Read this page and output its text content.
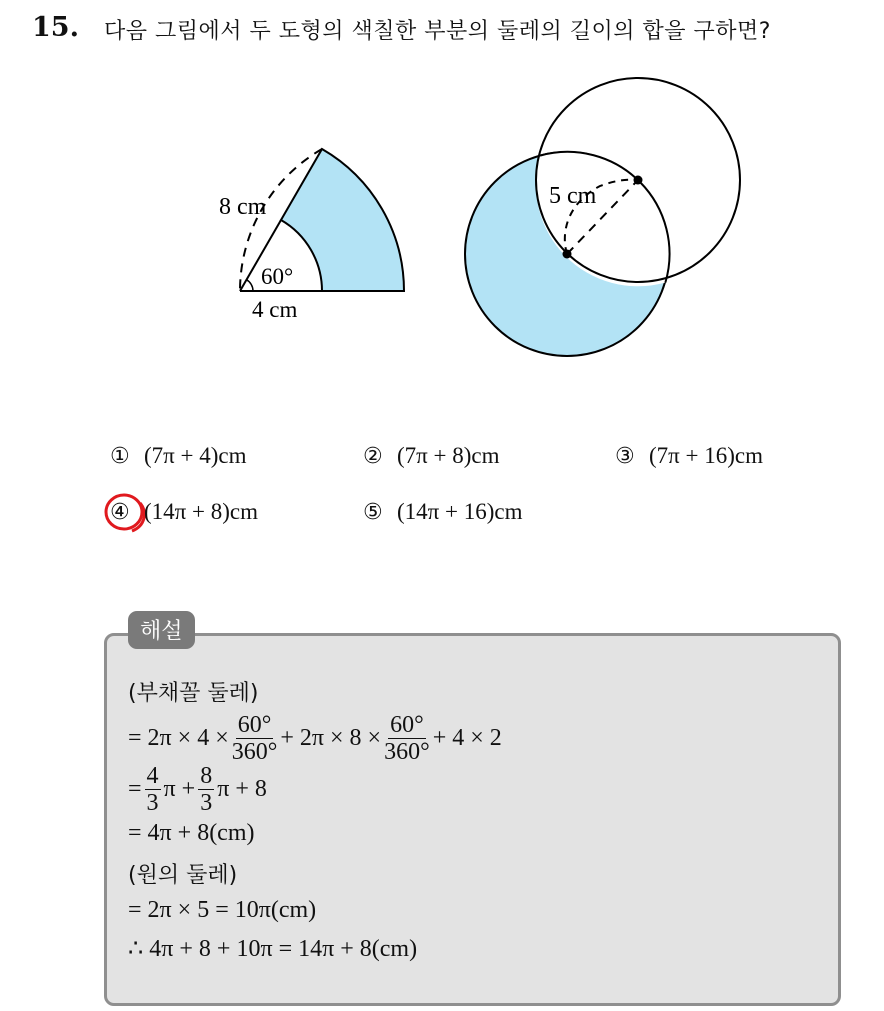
15. 다음 그림에서 두 도형의 색칠한 부분의 둘레의 길이의 합을 구하면?
8 cm
60°
4 cm
5 cm
① (7π + 4)cm	② (7π + 8)cm	③ (7π + 16)cm
④ (14π + 8)cm	⑤ (14π + 16)cm
해설
(부채꼴 둘레)
= $2\pi \times 4 \times \frac{60^\circ}{360^\circ} + 2\pi \times 8 \times \frac{60^\circ}{360^\circ} + 4 \times 2$
= $\frac{4}{3}$ $\pi + \frac{8}{3}$ π + 8
= 4π + 8(cm)
(원의 둘레)
= 2π × 5 = 10π(cm)
∴ 4π + 8 + 10π = 14π + 8(cm)
